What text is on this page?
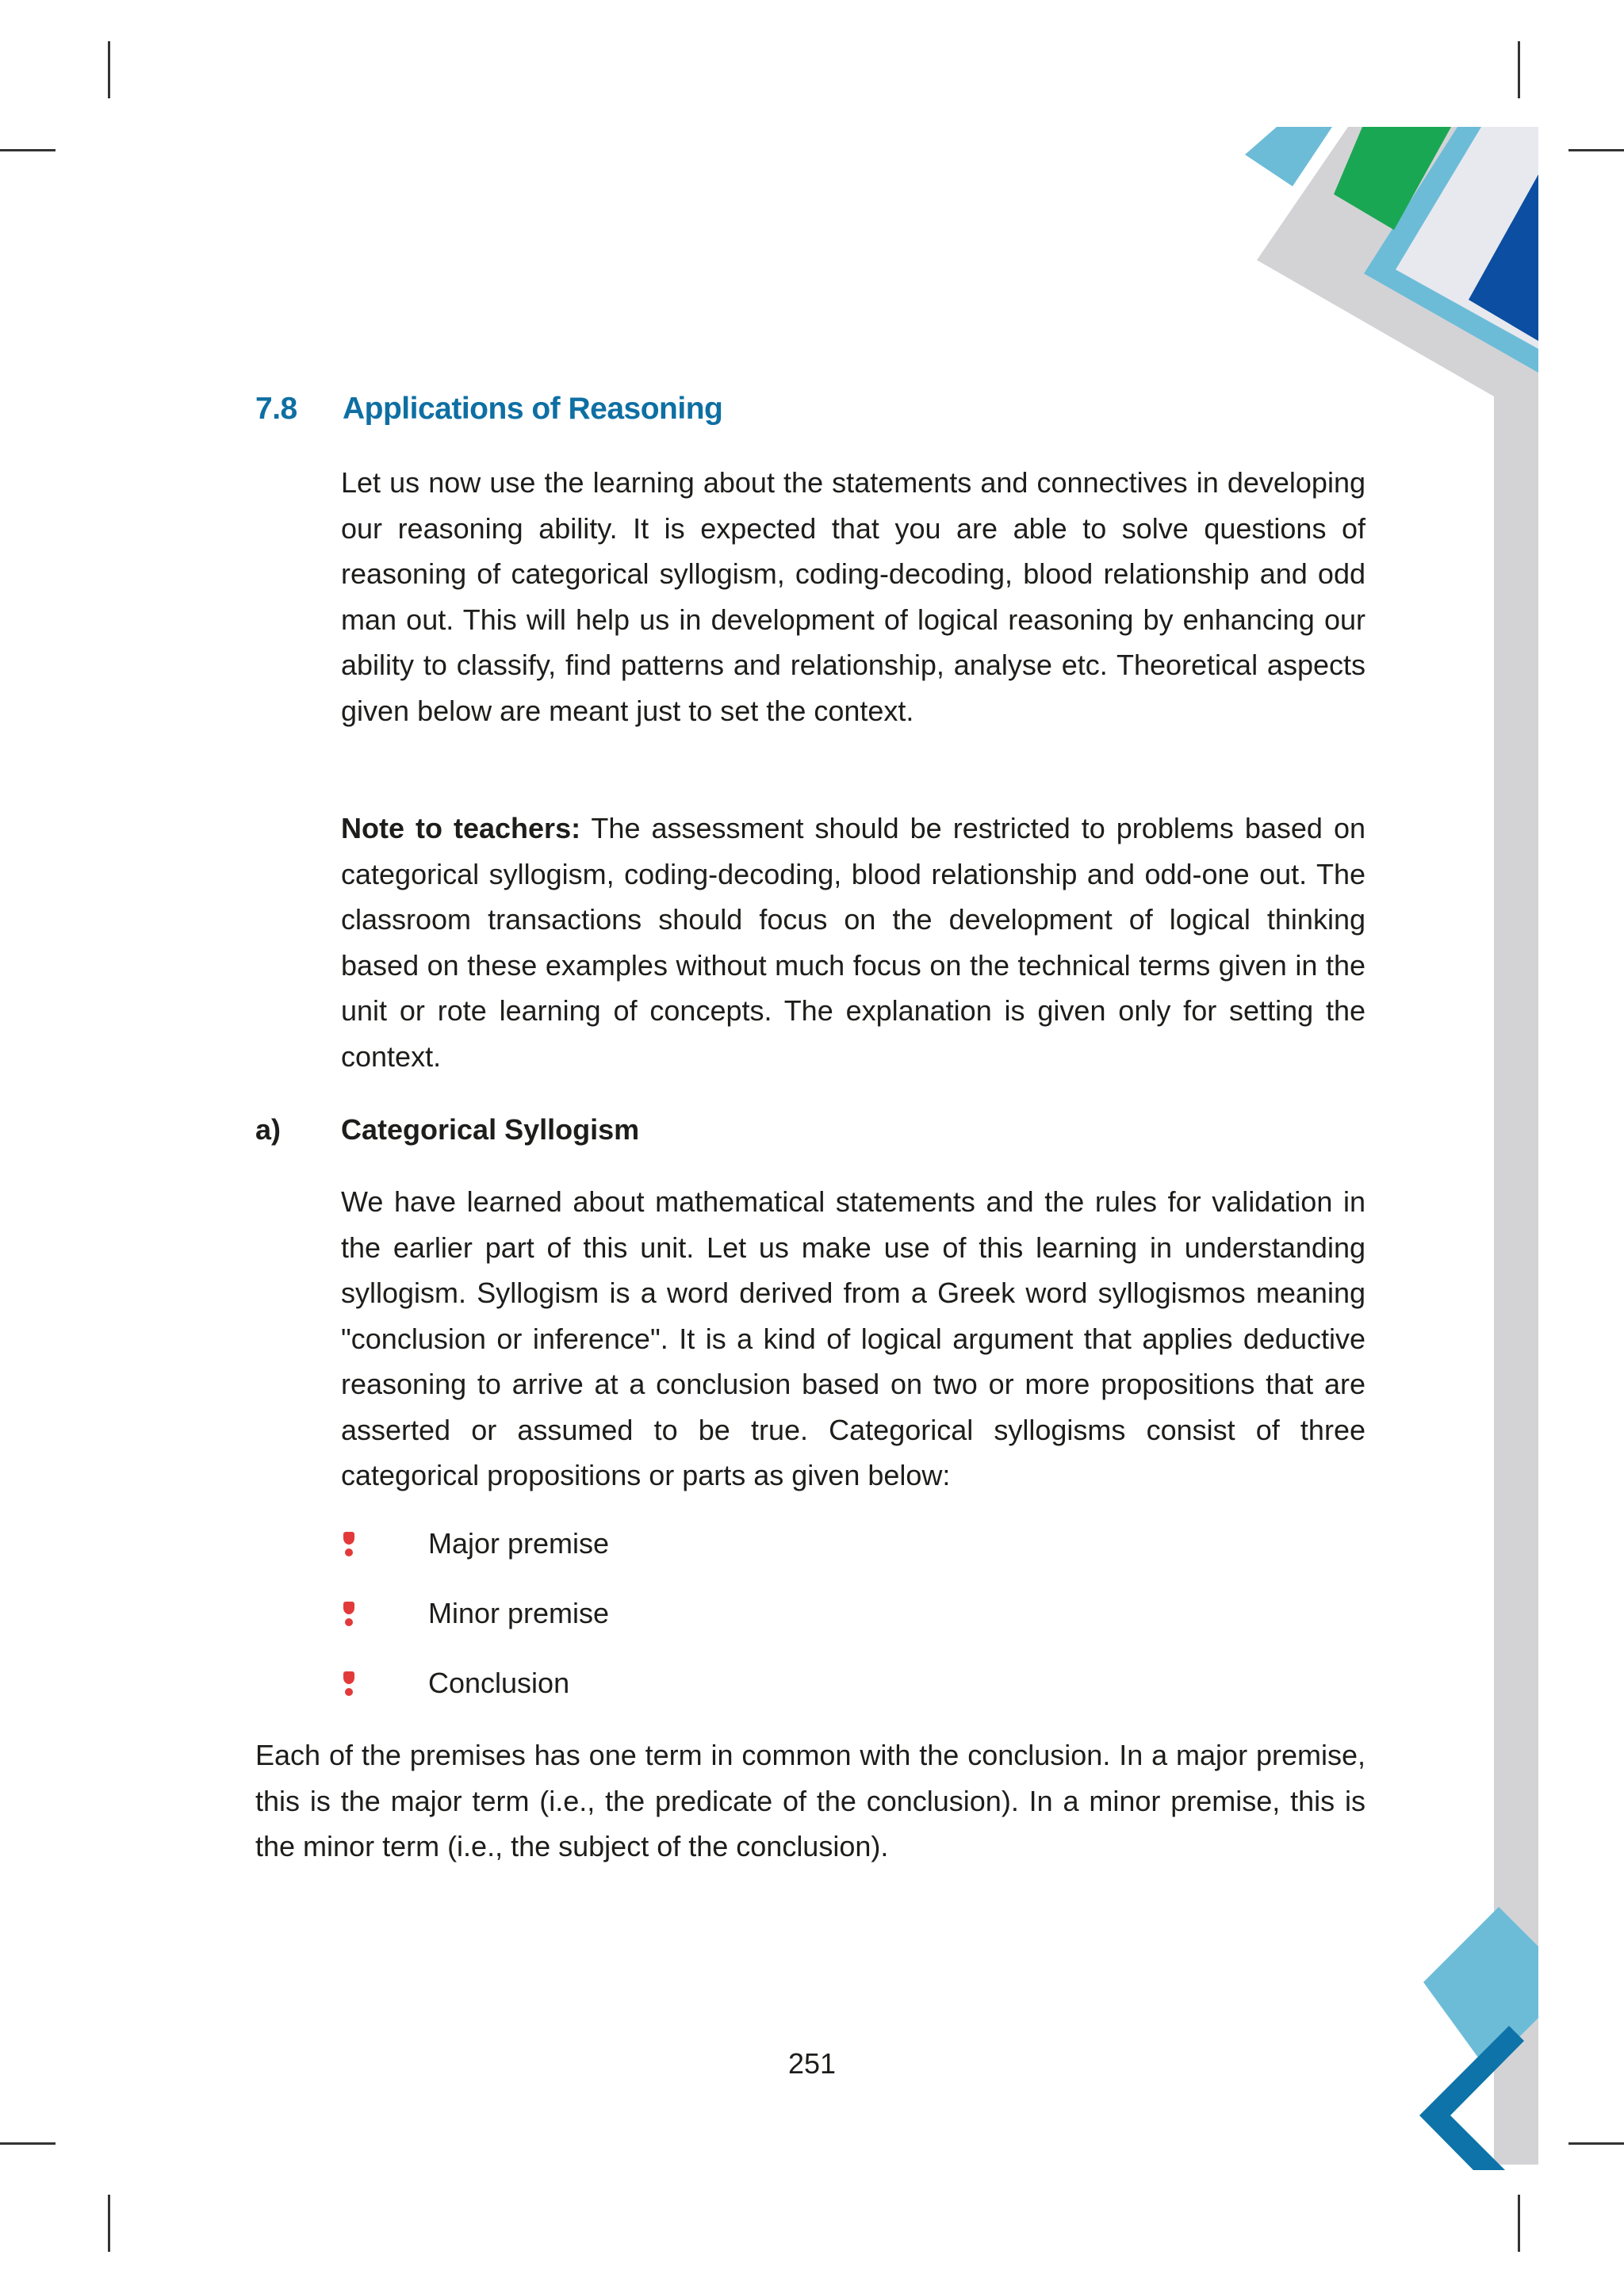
7.8 Applications of Reasoning

Let us now use the learning about the statements and connectives in developing our reasoning ability. It is expected that you are able to solve questions of reasoning of categorical syllogism, coding-decoding, blood relationship and odd man out. This will help us in development of logical reasoning by enhancing our ability to classify, find patterns and relationship, analyse etc. Theoretical aspects given below are meant just to set the context.

Note to teachers: The assessment should be restricted to problems based on categorical syllogism, coding-decoding, blood relationship and odd-one out. The classroom transactions should focus on the development of logical thinking based on these examples without much focus on the technical terms given in the unit or rote learning of concepts. The explanation is given only for setting the context.

a) Categorical Syllogism

We have learned about mathematical statements and the rules for validation in the earlier part of this unit. Let us make use of this learning in understanding syllogism. Syllogism is a word derived from a Greek word syllogismos meaning "conclusion or inference". It is a kind of logical argument that applies deductive reasoning to arrive at a conclusion based on two or more propositions that are asserted or assumed to be true. Categorical syllogisms consist of three categorical propositions or parts as given below:

Major premise
Minor premise
Conclusion

Each of the premises has one term in common with the conclusion. In a major premise, this is the major term (i.e., the predicate of the conclusion). In a minor premise, this is the minor term (i.e., the subject of the conclusion).

251
